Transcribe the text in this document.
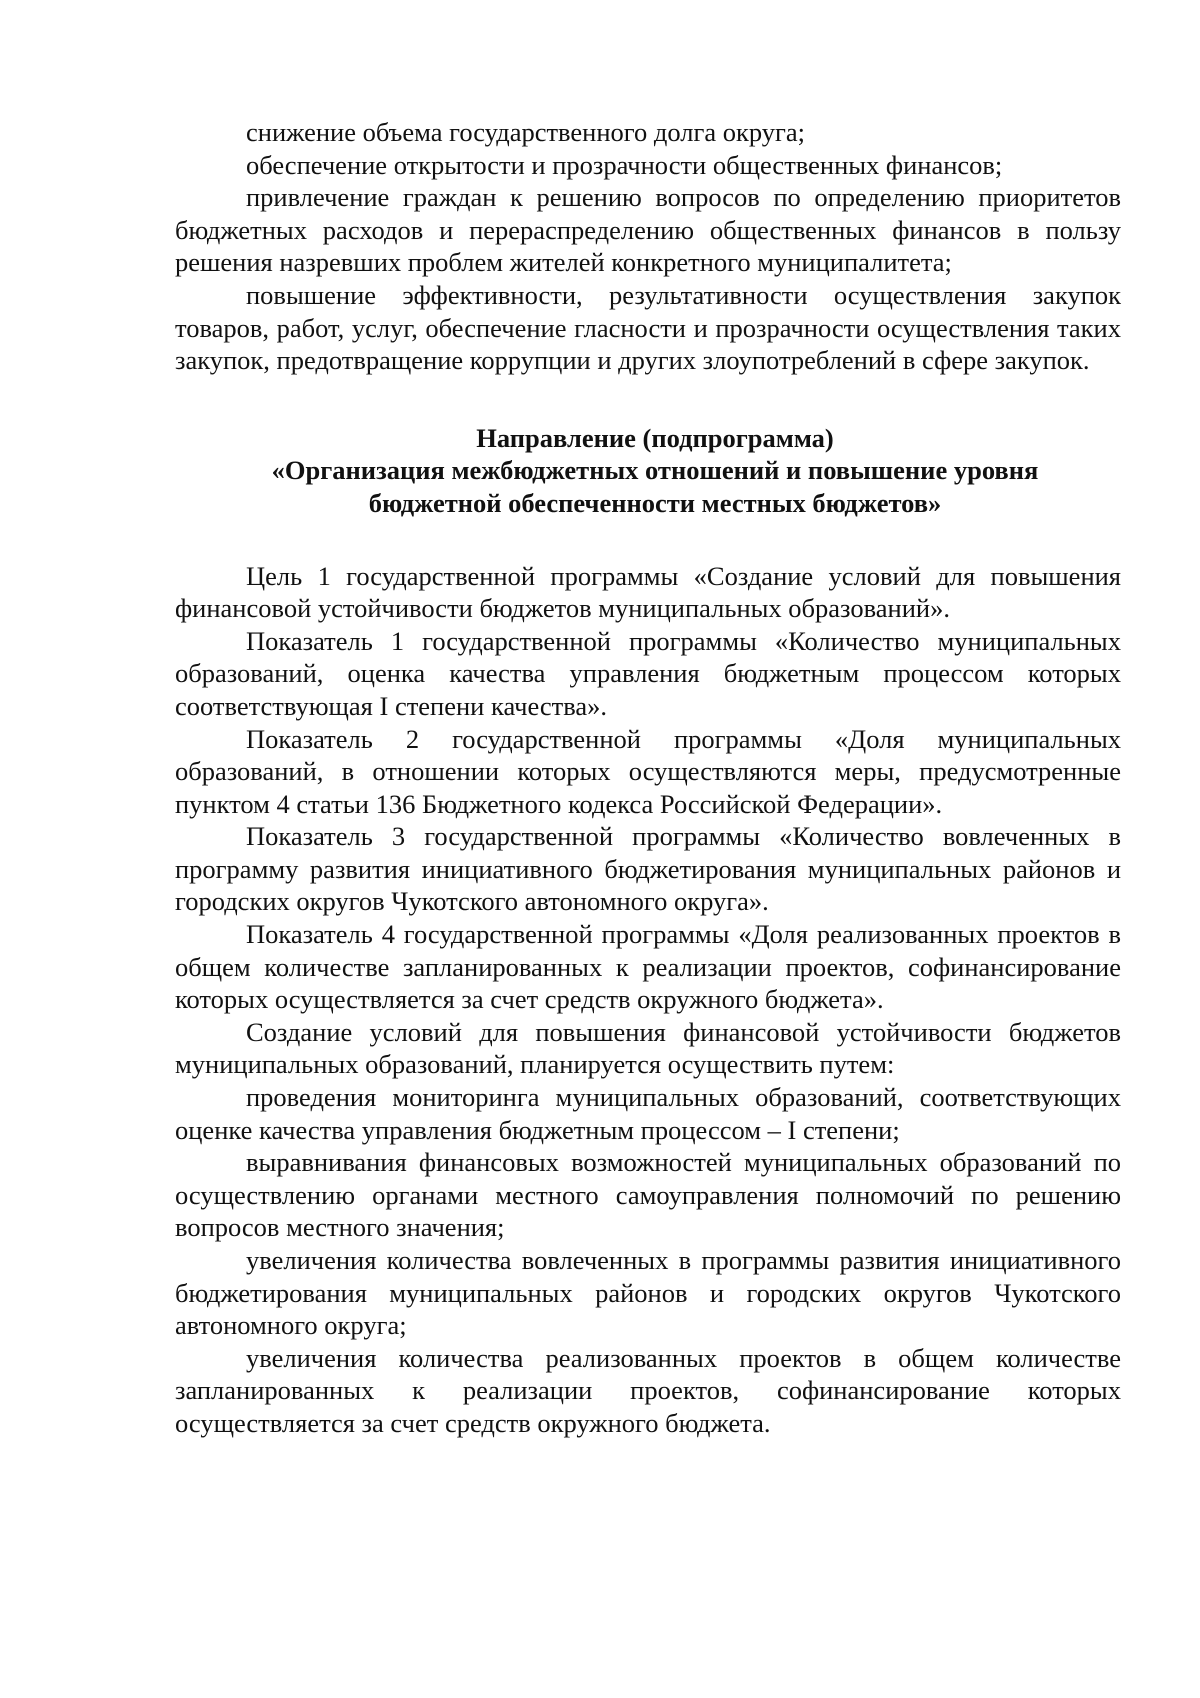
снижение объема государственного долга округа;

обеспечение открытости и прозрачности общественных финансов;

привлечение граждан к решению вопросов по определению приоритетов бюджетных расходов и перераспределению общественных финансов в пользу решения назревших проблем жителей конкретного муниципалитета;

повышение эффективности, результативности осуществления закупок товаров, работ, услуг, обеспечение гласности и прозрачности осуществления таких закупок, предотвращение коррупции и других злоупотреблений в сфере закупок.

Направление (подпрограмма)
«Организация межбюджетных отношений и повышение уровня
бюджетной обеспеченности местных бюджетов»

Цель 1 государственной программы «Создание условий для повышения финансовой устойчивости бюджетов муниципальных образований».

Показатель 1 государственной программы «Количество муниципальных образований, оценка качества управления бюджетным процессом которых соответствующая I степени качества».

Показатель 2 государственной программы «Доля муниципальных образований, в отношении которых осуществляются меры, предусмотренные пунктом 4 статьи 136 Бюджетного кодекса Российской Федерации».

Показатель 3 государственной программы «Количество вовлеченных в программу развития инициативного бюджетирования муниципальных районов и городских округов Чукотского автономного округа».

Показатель 4 государственной программы «Доля реализованных проектов в общем количестве запланированных к реализации проектов, софинансирование которых осуществляется за счет средств окружного бюджета».

Создание условий для повышения финансовой устойчивости бюджетов муниципальных образований, планируется осуществить путем:

проведения мониторинга муниципальных образований, соответствующих оценке качества управления бюджетным процессом – I степени;

выравнивания финансовых возможностей муниципальных образований по осуществлению органами местного самоуправления полномочий по решению вопросов местного значения;

увеличения количества вовлеченных в программы развития инициативного бюджетирования муниципальных районов и городских округов Чукотского автономного округа;

увеличения количества реализованных проектов в общем количестве запланированных к реализации проектов, софинансирование которых осуществляется за счет средств окружного бюджета.
